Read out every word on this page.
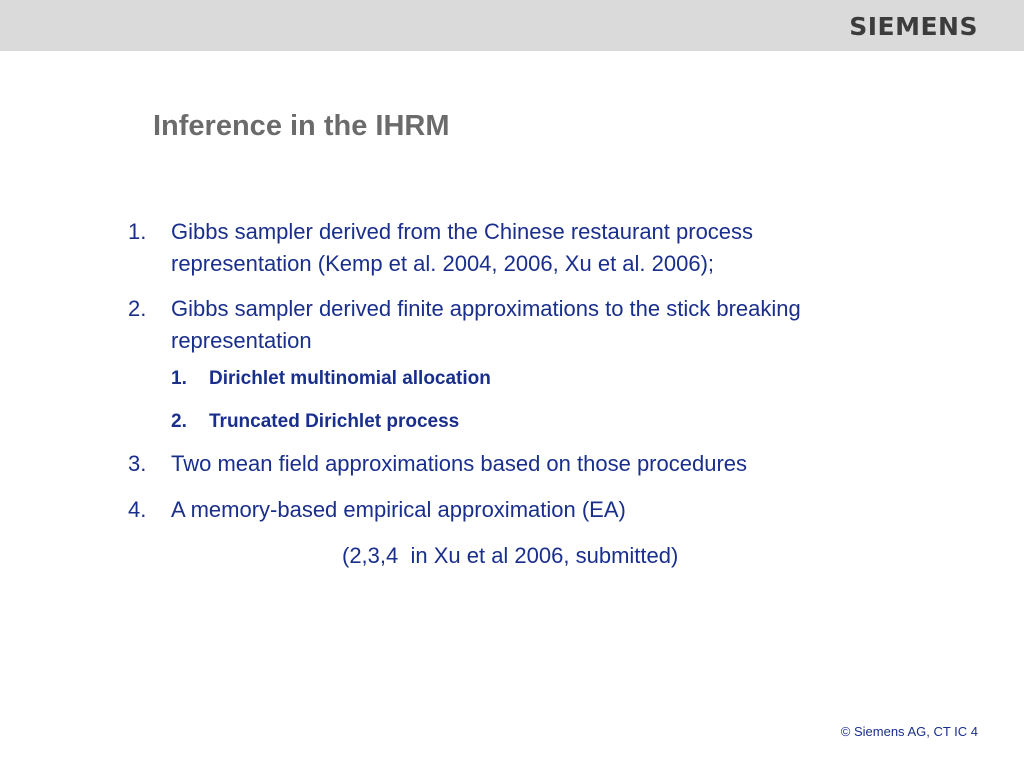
SIEMENS
Inference in the IHRM
1. Gibbs sampler derived from the Chinese restaurant process
representation (Kemp et al. 2004, 2006, Xu et al. 2006);
2. Gibbs sampler derived finite approximations to the stick breaking
representation
1. Dirichlet multinomial allocation
2. Truncated Dirichlet process
3. Two mean field approximations based on those procedures
4. A memory-based empirical approximation (EA)
(2,3,4  in Xu et al 2006, submitted)
© Siemens AG, CT IC 4
